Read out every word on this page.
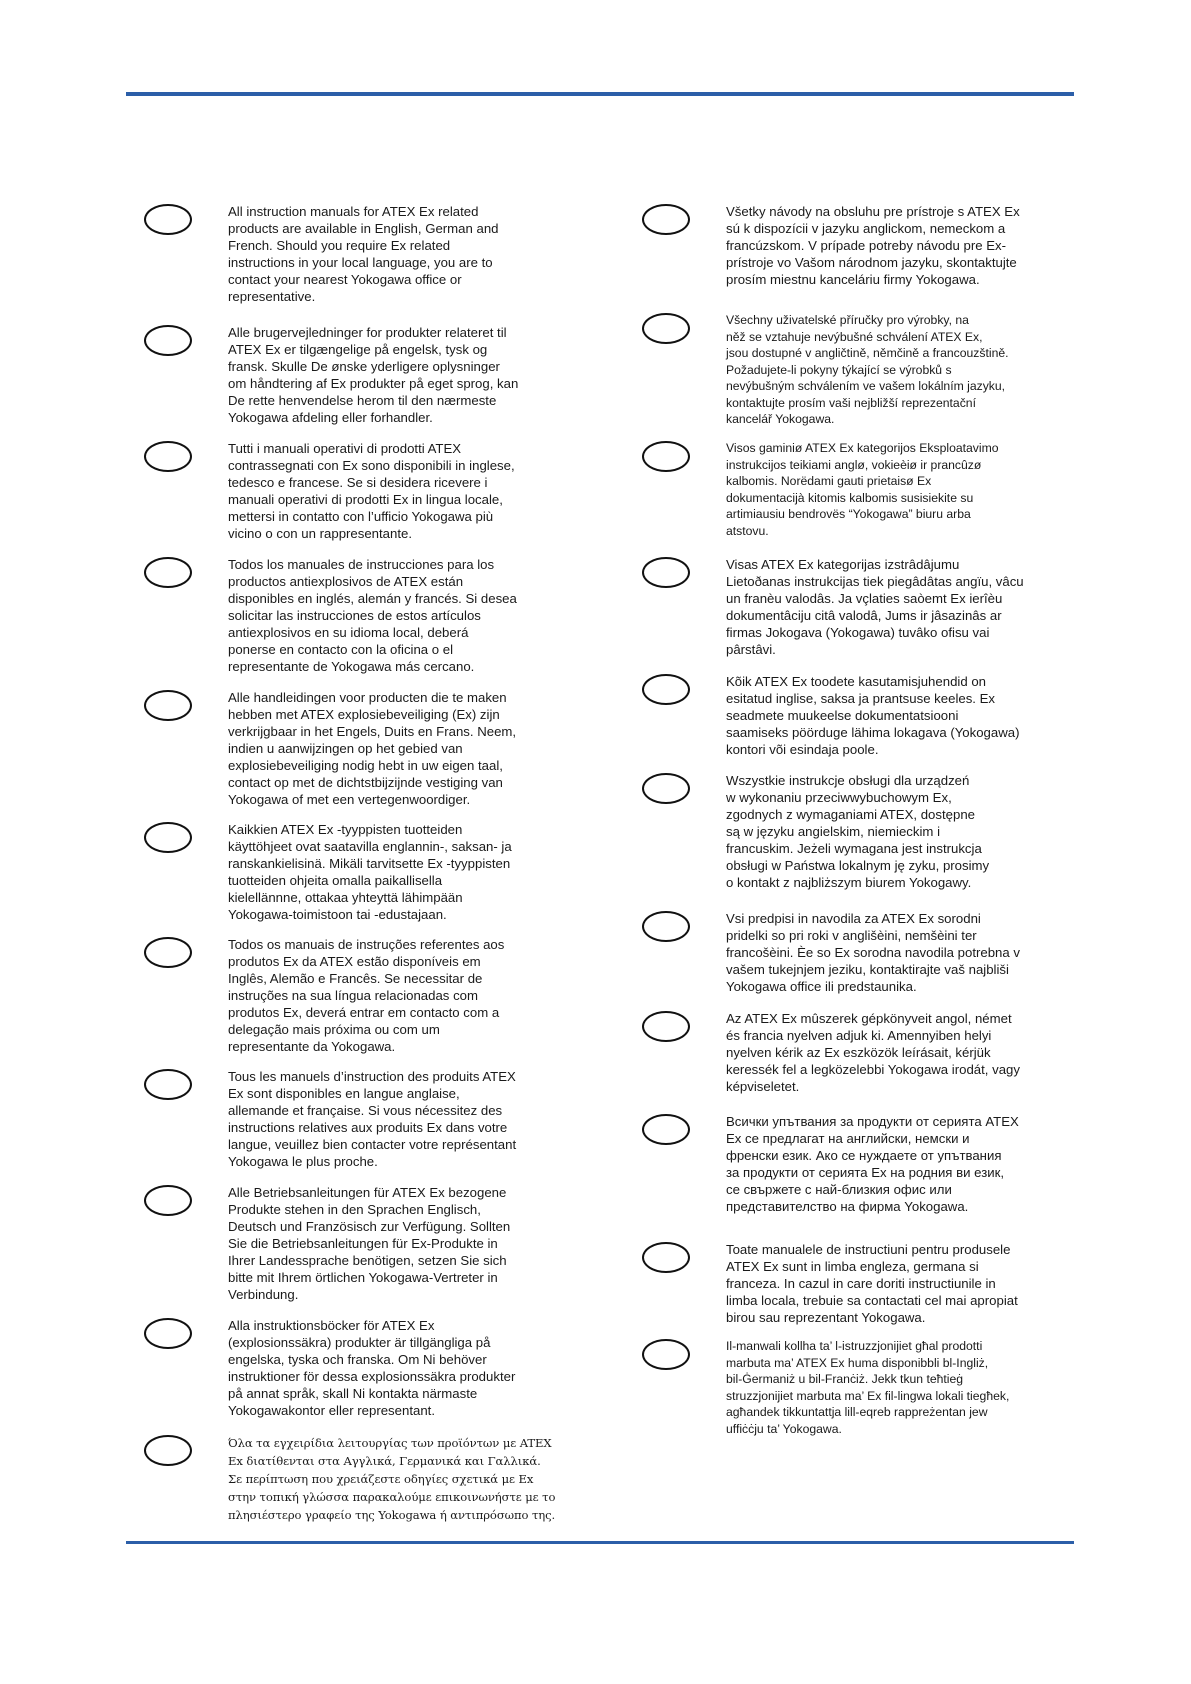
All instruction manuals for ATEX Ex related
products are available in English, German and
French. Should you require Ex related
instructions in your local language, you are to
contact your nearest Yokogawa office or
representative.

Alle brugervejledninger for produkter relateret til
ATEX Ex er tilgængelige på engelsk, tysk og
fransk. Skulle De ønske yderligere oplysninger
om håndtering af Ex produkter på eget sprog, kan
De rette henvendelse herom til den nærmeste
Yokogawa afdeling eller forhandler.

Tutti i manuali operativi di prodotti ATEX
contrassegnati con Ex sono disponibili in inglese,
tedesco e francese. Se si desidera ricevere i
manuali operativi di prodotti Ex in lingua locale,
mettersi in contatto con l’ufficio Yokogawa più
vicino o con un rappresentante.

Todos los manuales de instrucciones para los
productos antiexplosivos de ATEX están
disponibles en inglés, alemán y francés. Si desea
solicitar las instrucciones de estos artículos
antiexplosivos en su idioma local, deberá
ponerse en contacto con la oficina o el
representante de Yokogawa más cercano.

Alle handleidingen voor producten die te maken
hebben met ATEX explosiebeveiliging (Ex) zijn
verkrijgbaar in het Engels, Duits en Frans. Neem,
indien u aanwijzingen op het gebied van
explosiebeveiliging nodig hebt in uw eigen taal,
contact op met de dichtstbijzijnde vestiging van
Yokogawa of met een vertegenwoordiger.

Kaikkien ATEX Ex -tyyppisten tuotteiden
käyttöhjeet ovat saatavilla englannin-, saksan- ja
ranskankielisinä. Mikäli tarvitsette Ex -tyyppisten
tuotteiden ohjeita omalla paikallisella
kielellännne, ottakaa yhteyttä lähimpään
Yokogawa-toimistoon tai -edustajaan.

Todos os manuais de instruções referentes aos
produtos Ex da ATEX estão disponíveis em
Inglês, Alemão e Francês. Se necessitar de
instruções na sua língua relacionadas com
produtos Ex, deverá entrar em contacto com a
delegação mais próxima ou com um
representante da Yokogawa.

Tous les manuels d’instruction des produits ATEX
Ex sont disponibles en langue anglaise,
allemande et française. Si vous nécessitez des
instructions relatives aux produits Ex dans votre
langue, veuillez bien contacter votre représentant
Yokogawa le plus proche.

Alle Betriebsanleitungen für ATEX Ex bezogene
Produkte stehen in den Sprachen Englisch,
Deutsch und Französisch zur Verfügung. Sollten
Sie die Betriebsanleitungen für Ex-Produkte in
Ihrer Landessprache benötigen, setzen Sie sich
bitte mit Ihrem örtlichen Yokogawa-Vertreter in
Verbindung.

Alla instruktionsböcker för ATEX Ex
(explosionssäkra) produkter är tillgängliga på
engelska, tyska och franska. Om Ni behöver
instruktioner för dessa explosionssäkra produkter
på annat språk, skall Ni kontakta närmaste
Yokogawakontor eller representant.

Όλα τα εγχειρίδια λειτουργίας των προϊόντων με ATEX
Ex διατίθενται στα Αγγλικά, Γερμανικά και Γαλλικά.
Σε περίπτωση που χρειάζεστε οδηγίες σχετικά με Ex
στην τοπική γλώσσα παρακαλούμε επικοινωνήστε με το
πλησιέστερο γραφείο της Yokogawa ή αντιπρόσωπο της.

Všetky návody na obsluhu pre prístroje s ATEX Ex
sú k dispozícii v jazyku anglickom, nemeckom a
francúzskom. V prípade potreby návodu pre Ex-
prístroje vo Vašom národnom jazyku, skontaktujte
prosím miestnu kanceláriu firmy Yokogawa.

Všechny uživatelské příručky pro výrobky, na
něž se vztahuje nevýbušné schválení ATEX Ex,
jsou dostupné v angličtině, němčině a francouzštině.
Požadujete-li pokyny týkající se výrobků s
nevýbušným schválením ve vašem lokálním jazyku,
kontaktujte prosím vaši nejbližší reprezentační
kancelář Yokogawa.

Visos gaminiø ATEX Ex kategorijos Eksploatavimo
instrukcijos teikiami anglø, vokieèiø ir prancûzø
kalbomis. Norëdami gauti prietaisø Ex
dokumentacijà kitomis kalbomis susisiekite su
artimiausiu bendrovës “Yokogawa” biuru arba
atstovu.

Visas ATEX Ex kategorijas izstrâdâjumu
Lietoðanas instrukcijas tiek piegâdâtas angïu, vâcu
un franèu valodâs. Ja vçlaties saòemt Ex ierîèu
dokumentâciju citâ valodâ, Jums ir jâsazinâs ar
firmas Jokogava (Yokogawa) tuvâko ofisu vai
pârstâvi.

Kõik ATEX Ex toodete kasutamisjuhendid on
esitatud inglise, saksa ja prantsuse keeles. Ex
seadmete muukeelse dokumentatsiooni
saamiseks pöörduge lähima lokagava (Yokogawa)
kontori või esindaja poole.

Wszystkie instrukcje obsługi dla urządzeń
w wykonaniu przeciwwybuchowym Ex,
zgodnych z wymaganiami ATEX, dostępne
są w języku angielskim, niemieckim i
francuskim. Jeżeli wymagana jest instrukcja
obsługi w Państwa lokalnym ję zyku, prosimy
o kontakt z najbliższym biurem Yokogawy.

Vsi predpisi in navodila za ATEX Ex sorodni
pridelki so pri roki v anglišèini, nemšèini ter
francošèini. Èe so Ex sorodna navodila potrebna v
vašem tukejnjem jeziku, kontaktirajte vaš najbliši
Yokogawa office ili predstaunika.

Az ATEX Ex mûszerek gépkönyveit angol, német
és francia nyelven adjuk ki. Amennyiben helyi
nyelven kérik az Ex eszközök leírásait, kérjük
keressék fel a legközelebbi Yokogawa irodát, vagy
képviseletet.

Всички упътвания за продукти от серията ATEX
Ex се предлагат на английски, немски и
френски език. Ако се нуждаете от упътвания
за продукти от серията Ex на родния ви език,
се свържете с най-близкия офис или
представителство на фирма Yokogawa.

Toate manualele de instructiuni pentru produsele
ATEX Ex sunt in limba engleza, germana si
franceza. In cazul in care doriti instructiunile in
limba locala, trebuie sa contactati cel mai apropiat
birou sau reprezentant Yokogawa.

Il-manwali kollha ta’ l-istruzzjonijiet għal prodotti
marbuta ma’ ATEX Ex huma disponibbli bl-Ingliż,
bil-Ġermaniż u bil-Franċiż. Jekk tkun teħtieġ
struzzjonijiet marbuta ma’ Ex fil-lingwa lokali tiegħek,
agħandek tikkuntattja lill-eqreb rappreżentan jew
uffiċċju ta’ Yokogawa.
